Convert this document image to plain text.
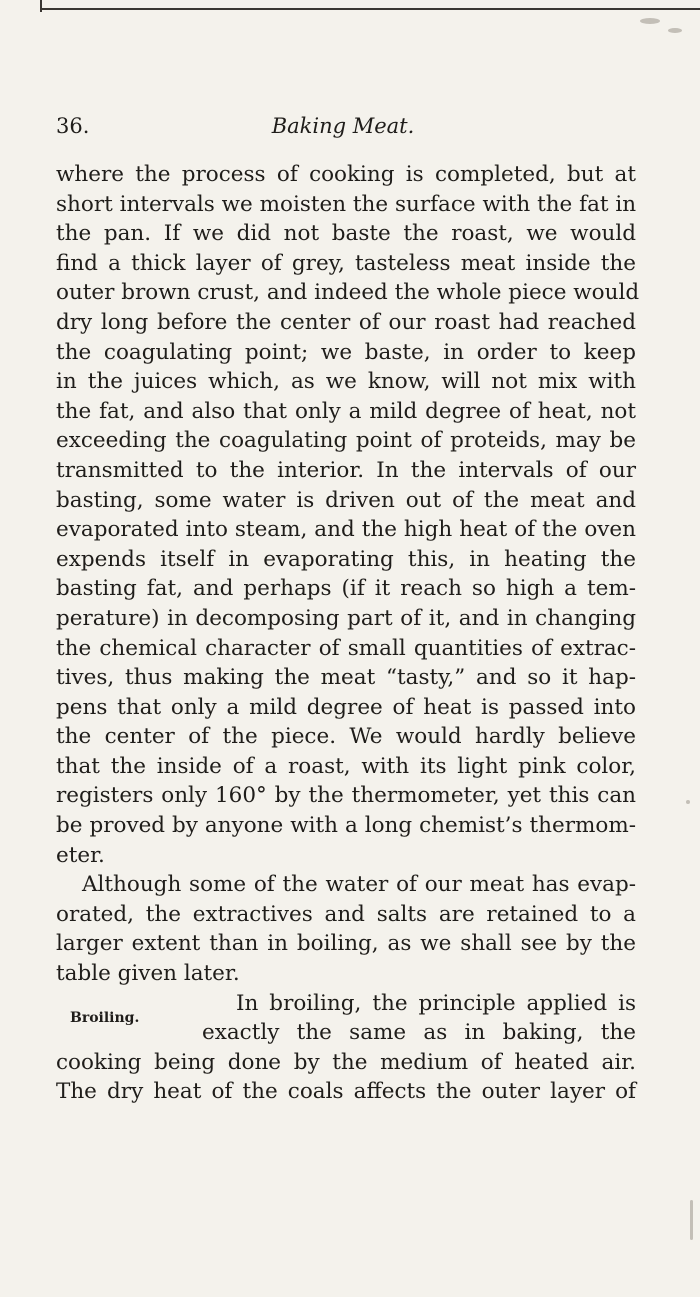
36.	Baking Meat.
where the process of cooking is completed, but at
short intervals we moisten the surface with the fat in
the pan. If we did not baste the roast, we would
find a thick layer of grey, tasteless meat inside the
outer brown crust, and indeed the whole piece would
dry long before the center of our roast had reached
the coagulating point; we baste, in order to keep
in the juices which, as we know, will not mix with
the fat, and also that only a mild degree of heat, not
exceeding the coagulating point of proteids, may be
transmitted to the interior. In the intervals of our
basting, some water is driven out of the meat and
evaporated into steam, and the high heat of the oven
expends itself in evaporating this, in heating the
basting fat, and perhaps (if it reach so high a tem-
perature) in decomposing part of it, and in changing
the chemical character of small quantities of extrac-
tives, thus making the meat “tasty,” and so it hap-
pens that only a mild degree of heat is passed into
the center of the piece. We would hardly believe
that the inside of a roast, with its light pink color,
registers only 160° by the thermometer, yet this can
be proved by anyone with a long chemist’s thermom-
eter.
Although some of the water of our meat has evap-
orated, the extractives and salts are retained to a
larger extent than in boiling, as we shall see by the
table given later.
In broiling, the principle applied is
exactly the same as in baking, the
cooking being done by the medium of heated air.
The dry heat of the coals affects the outer layer of
Broiling.
